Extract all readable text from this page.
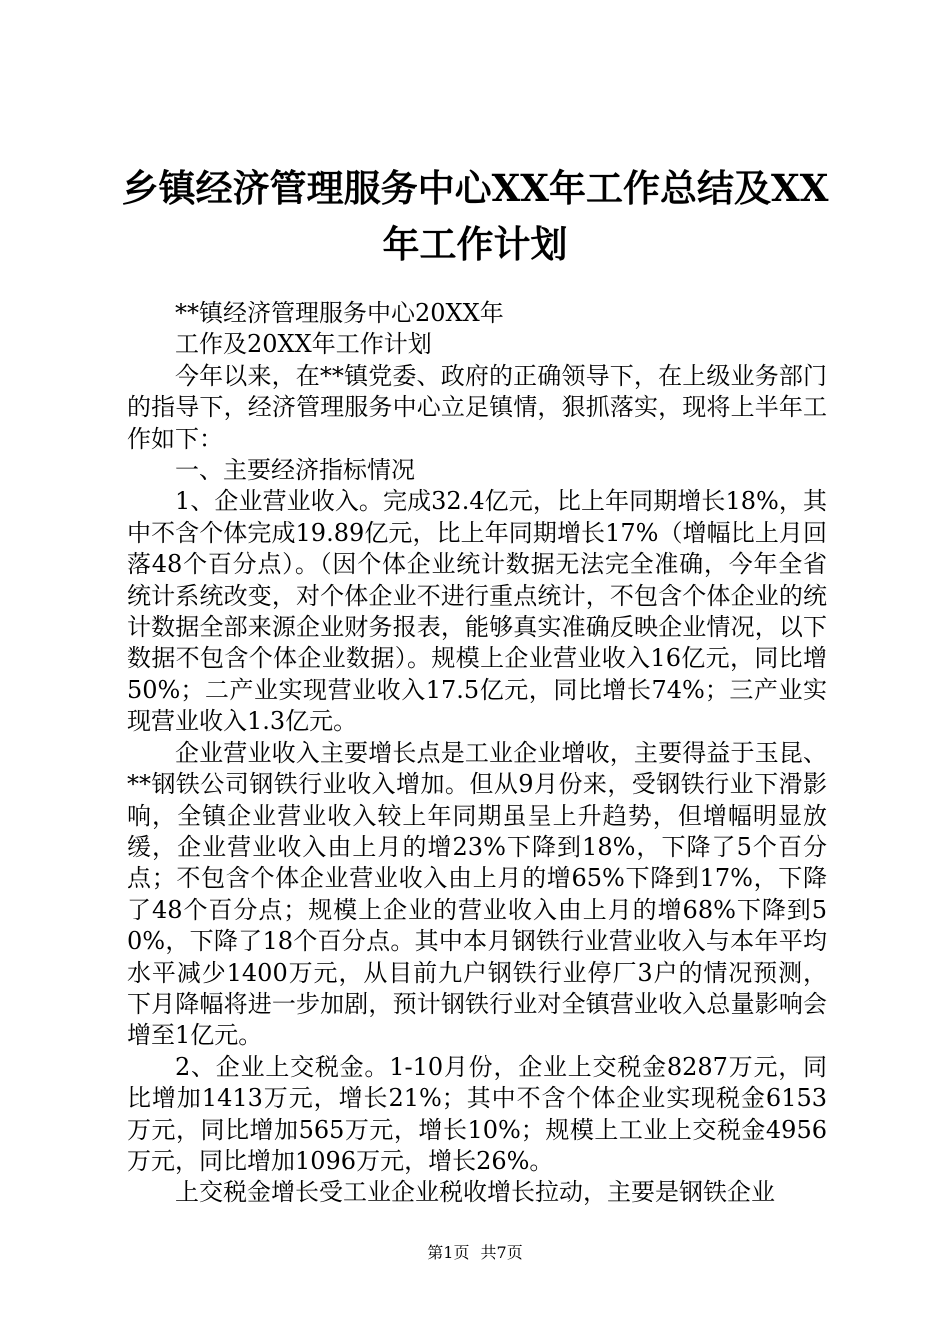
乡镇经济管理服务中心XX年工作总结及XX年工作计划

**镇经济管理服务中心20XX年

工作及20XX年工作计划

今年以来，在**镇党委、政府的正确领导下，在上级业务部门的指导下，经济管理服务中心立足镇情，狠抓落实，现将上半年工作如下：

一、主要经济指标情况

1、企业营业收入。完成32.4亿元，比上年同期增长18%，其中不含个体完成19.89亿元，比上年同期增长17%（增幅比上月回落48个百分点）。（因个体企业统计数据无法完全准确，今年全省统计系统改变，对个体企业不进行重点统计，不包含个体企业的统计数据全部来源企业财务报表，能够真实准确反映企业情况，以下数据不包含个体企业数据）。规模上企业营业收入16亿元，同比增50%；二产业实现营业收入17.5亿元，同比增长74%；三产业实现营业收入1.3亿元。

企业营业收入主要增长点是工业企业增收，主要得益于玉昆、**钢铁公司钢铁行业收入增加。但从9月份来，受钢铁行业下滑影响，全镇企业营业收入较上年同期虽呈上升趋势，但增幅明显放缓，企业营业收入由上月的增23%下降到18%，下降了5个百分点；不包含个体企业营业收入由上月的增65%下降到17%，下降了48个百分点；规模上企业的营业收入由上月的增68%下降到50%，下降了18个百分点。其中本月钢铁行业营业收入与本年平均水平减少1400万元，从目前九户钢铁行业停厂3户的情况预测，下月降幅将进一步加剧，预计钢铁行业对全镇营业收入总量影响会增至1亿元。

2、企业上交税金。1-10月份，企业上交税金8287万元，同比增加1413万元，增长21%；其中不含个体企业实现税金6153万元，同比增加565万元，增长10%；规模上工业上交税金4956万元，同比增加1096万元，增长26%。

上交税金增长受工业企业税收增长拉动，主要是钢铁企业

第1页 共7页
